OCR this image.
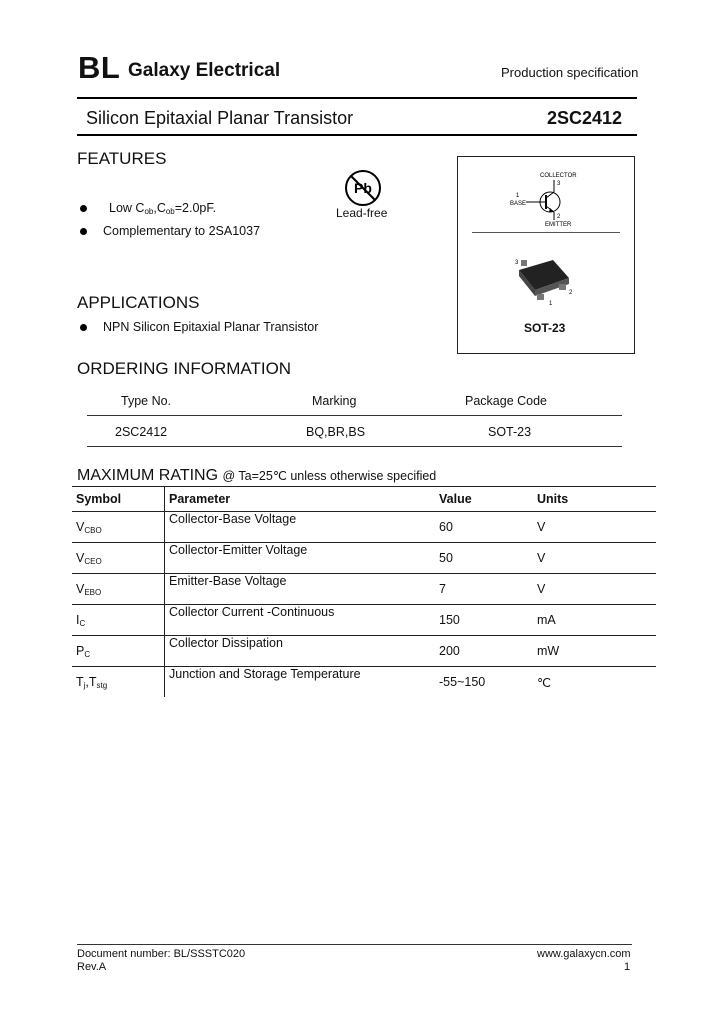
BL Galaxy Electrical	Production specification
Silicon Epitaxial Planar Transistor	2SC2412
FEATURES
Low $C_{ob},C_{ob}=2.0pF$.
Complementary to 2SA1037
Pb
Lead-free
COLLECTOR
3
1
BASE
2
EMITTER
3
2
1
SOT-23
APPLICATIONS
NPN Silicon Epitaxial Planar Transistor
ORDERING INFORMATION
Type No.	Marking	Package Code
2SC2412	BQ,BR,BS	SOT-23
MAXIMUM RATING @ Ta=25℃ unless otherwise specified
Symbol	Parameter	Value	Units
$V_{CBO}$	Collector-Base Voltage	60	V
$V_{CEO}$	Collector-Emitter Voltage	50	V
$V_{EBO}$	Emitter-Base Voltage	7	V
$I_C$	Collector Current -Continuous	150	mA
$P_C$	Collector Dissipation	200	mW
$T_j,T_{stg}$	Junction and Storage Temperature	-55~150	℃
Document number: BL/SSSTC020
Rev.A
www.galaxycn.com
1
